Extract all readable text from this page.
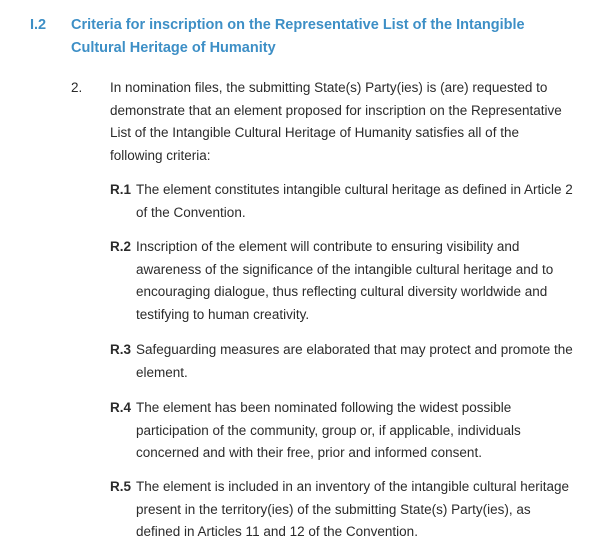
I.2 Criteria for inscription on the Representative List of the Intangible Cultural Heritage of Humanity
2. In nomination files, the submitting State(s) Party(ies) is (are) requested to demonstrate that an element proposed for inscription on the Representative List of the Intangible Cultural Heritage of Humanity satisfies all of the following criteria:
R.1 The element constitutes intangible cultural heritage as defined in Article 2 of the Convention.
R.2 Inscription of the element will contribute to ensuring visibility and awareness of the significance of the intangible cultural heritage and to encouraging dialogue, thus reflecting cultural diversity worldwide and testifying to human creativity.
R.3 Safeguarding measures are elaborated that may protect and promote the element.
R.4 The element has been nominated following the widest possible participation of the community, group or, if applicable, individuals concerned and with their free, prior and informed consent.
R.5 The element is included in an inventory of the intangible cultural heritage present in the territory(ies) of the submitting State(s) Party(ies), as defined in Articles 11 and 12 of the Convention.
